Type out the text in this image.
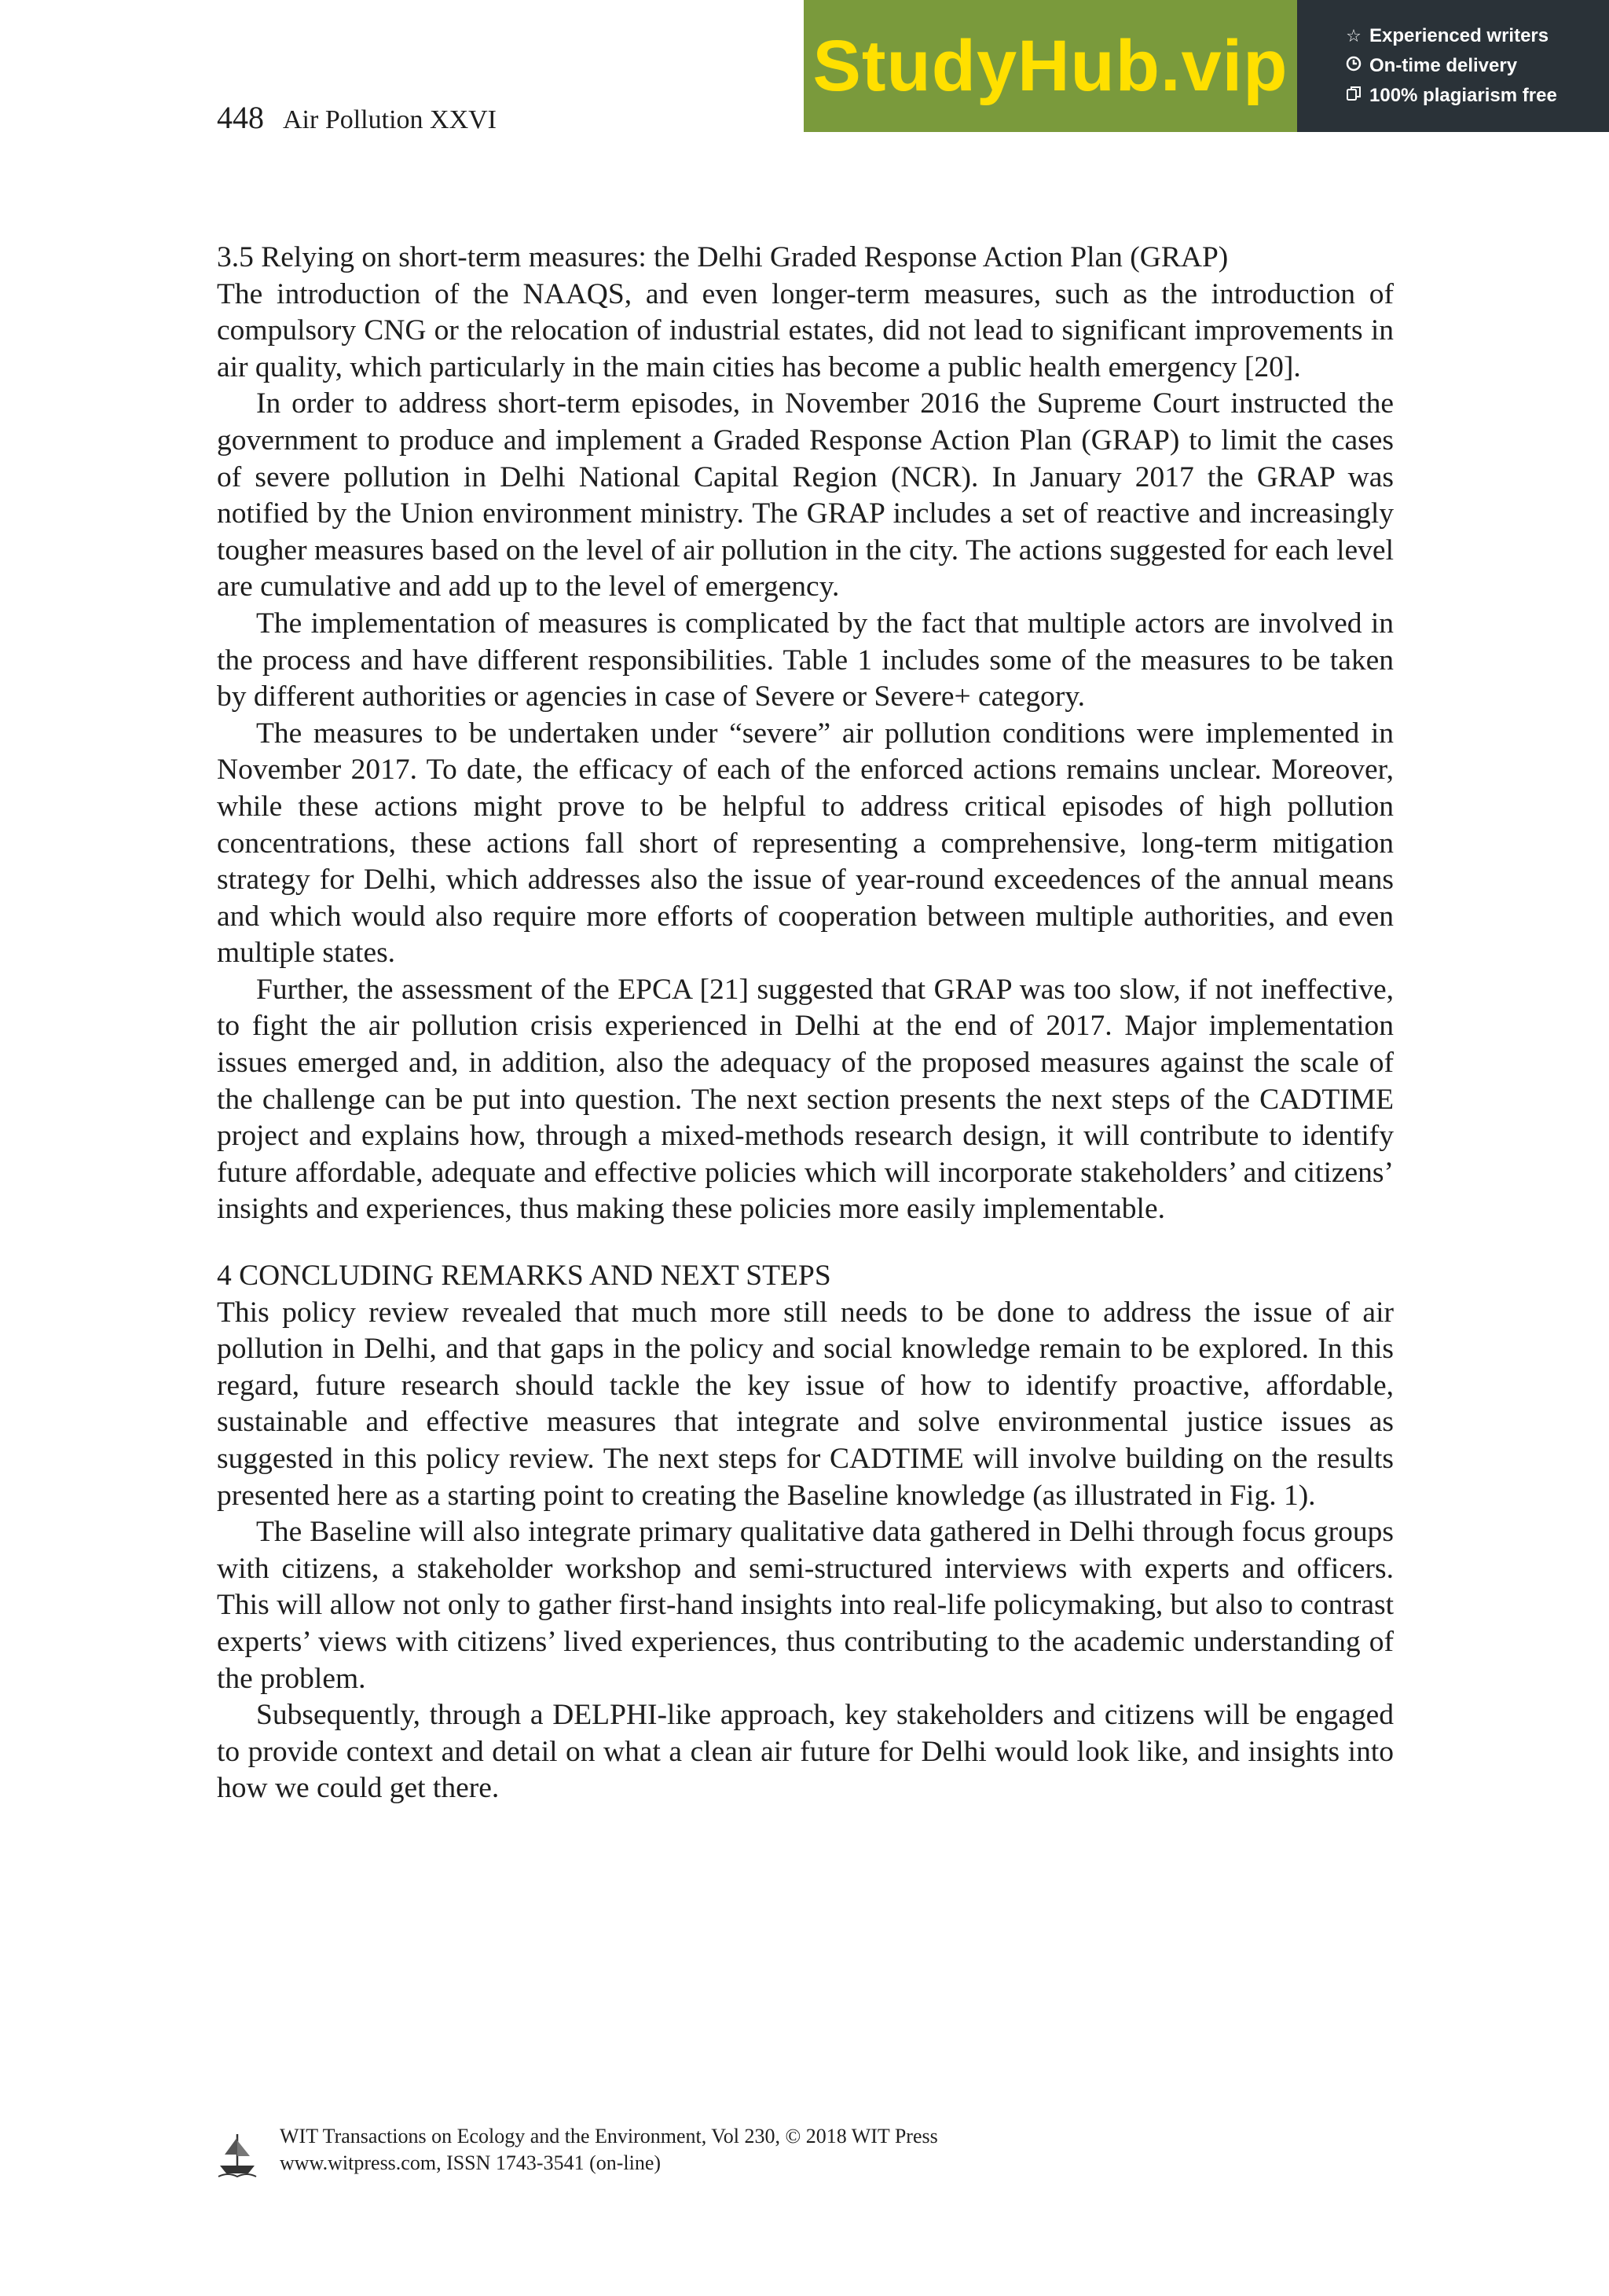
448 Air Pollution XXVI
StudyHub.vip	☆ Experienced writers
On-time delivery
100% plagiarism free

3.5 Relying on short-term measures: the Delhi Graded Response Action Plan (GRAP)

The introduction of the NAAQS, and even longer-term measures, such as the introduction of compulsory CNG or the relocation of industrial estates, did not lead to significant improvements in air quality, which particularly in the main cities has become a public health emergency [20].

In order to address short-term episodes, in November 2016 the Supreme Court instructed the government to produce and implement a Graded Response Action Plan (GRAP) to limit the cases of severe pollution in Delhi National Capital Region (NCR). In January 2017 the GRAP was notified by the Union environment ministry. The GRAP includes a set of reactive and increasingly tougher measures based on the level of air pollution in the city. The actions suggested for each level are cumulative and add up to the level of emergency.

The implementation of measures is complicated by the fact that multiple actors are involved in the process and have different responsibilities. Table 1 includes some of the measures to be taken by different authorities or agencies in case of Severe or Severe+ category.

The measures to be undertaken under “severe” air pollution conditions were implemented in November 2017. To date, the efficacy of each of the enforced actions remains unclear. Moreover, while these actions might prove to be helpful to address critical episodes of high pollution concentrations, these actions fall short of representing a comprehensive, long-term mitigation strategy for Delhi, which addresses also the issue of year-round exceedences of the annual means and which would also require more efforts of cooperation between multiple authorities, and even multiple states.

Further, the assessment of the EPCA [21] suggested that GRAP was too slow, if not ineffective, to fight the air pollution crisis experienced in Delhi at the end of 2017. Major implementation issues emerged and, in addition, also the adequacy of the proposed measures against the scale of the challenge can be put into question. The next section presents the next steps of the CADTIME project and explains how, through a mixed-methods research design, it will contribute to identify future affordable, adequate and effective policies which will incorporate stakeholders’ and citizens’ insights and experiences, thus making these policies more easily implementable.

4 CONCLUDING REMARKS AND NEXT STEPS

This policy review revealed that much more still needs to be done to address the issue of air pollution in Delhi, and that gaps in the policy and social knowledge remain to be explored. In this regard, future research should tackle the key issue of how to identify proactive, affordable, sustainable and effective measures that integrate and solve environmental justice issues as suggested in this policy review. The next steps for CADTIME will involve building on the results presented here as a starting point to creating the Baseline knowledge (as illustrated in Fig. 1).

The Baseline will also integrate primary qualitative data gathered in Delhi through focus groups with citizens, a stakeholder workshop and semi-structured interviews with experts and officers. This will allow not only to gather first-hand insights into real-life policymaking, but also to contrast experts’ views with citizens’ lived experiences, thus contributing to the academic understanding of the problem.

Subsequently, through a DELPHI-like approach, key stakeholders and citizens will be engaged to provide context and detail on what a clean air future for Delhi would look like, and insights into how we could get there.

WIT Transactions on Ecology and the Environment, Vol 230, © 2018 WIT Press
www.witpress.com, ISSN 1743-3541 (on-line)
